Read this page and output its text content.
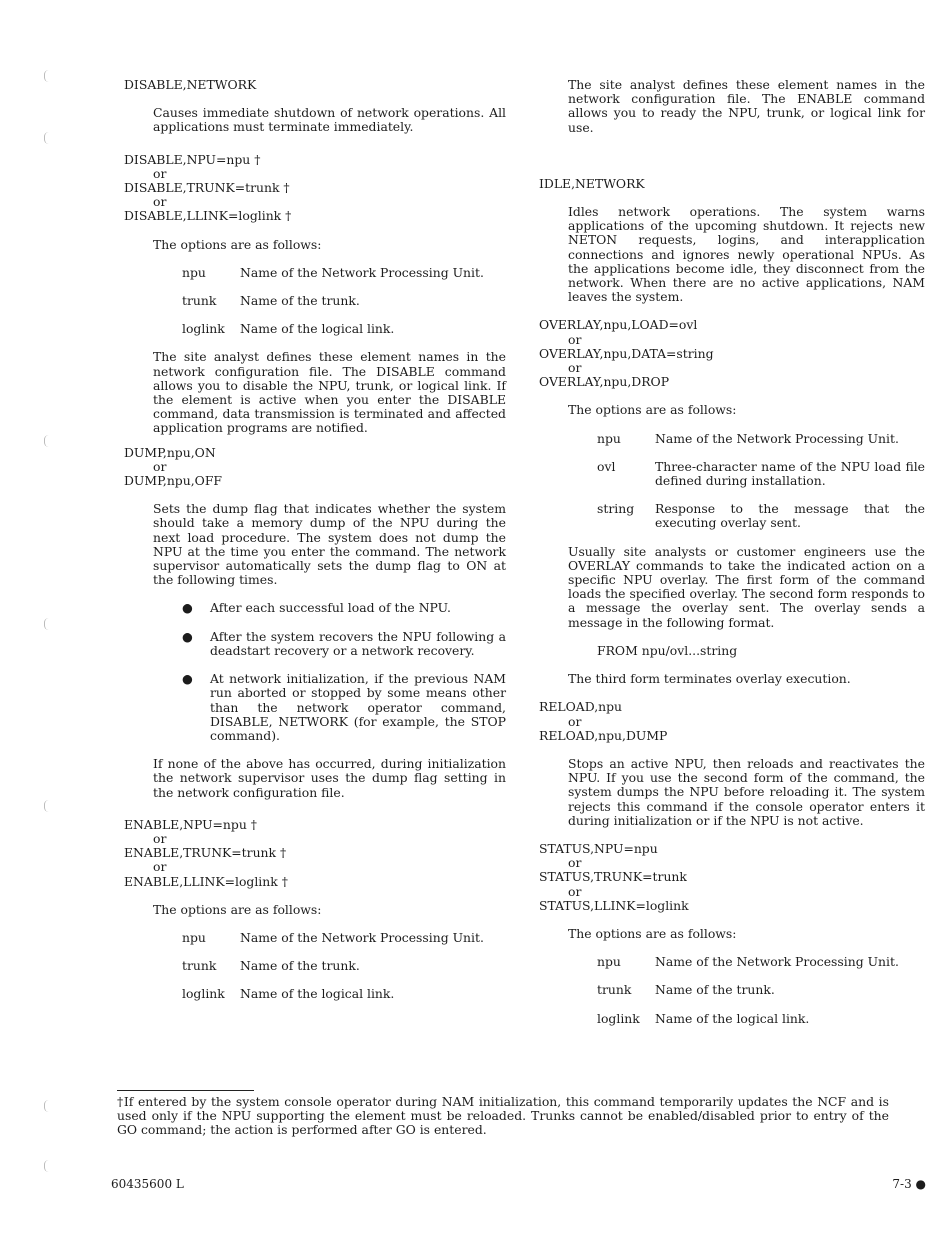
DISABLE,NETWORK
Causes immediate shutdown of network operations. All applications must terminate immediately.
DISABLE,NPU=npu †
or
DISABLE,TRUNK=trunk †
or
DISABLE,LLINK=loglink †
The options are as follows:
npu	Name of the Network Processing Unit.
trunk	Name of the trunk.
loglink	Name of the logical link.
The site analyst defines these element names in the network configuration file. The DISABLE command allows you to disable the NPU, trunk, or logical link. If the element is active when you enter the DISABLE command, data transmission is terminated and affected application programs are notified.
DUMP,npu,ON
or
DUMP,npu,OFF
Sets the dump flag that indicates whether the system should take a memory dump of the NPU during the next load procedure. The system does not dump the NPU at the time you enter the command. The network supervisor automatically sets the dump flag to ON at the following times.
●	After each successful load of the NPU.
●	After the system recovers the NPU following a deadstart recovery or a network recovery.
●	At network initialization, if the previous NAM run aborted or stopped by some means other than the network operator command, DISABLE, NETWORK (for example, the STOP command).
If none of the above has occurred, during initialization the network supervisor uses the dump flag setting in the network configuration file.
ENABLE,NPU=npu †
or
ENABLE,TRUNK=trunk †
or
ENABLE,LLINK=loglink †
The options are as follows:
npu	Name of the Network Processing Unit.
trunk	Name of the trunk.
loglink	Name of the logical link.
The site analyst defines these element names in the network configuration file. The ENABLE command allows you to ready the NPU, trunk, or logical link for use.
IDLE,NETWORK
Idles network operations. The system warns applications of the upcoming shutdown. It rejects new NETON requests, logins, and interapplication connections and ignores newly operational NPUs. As the applications become idle, they disconnect from the network. When there are no active applications, NAM leaves the system.
OVERLAY,npu,LOAD=ovl
or
OVERLAY,npu,DATA=string
or
OVERLAY,npu,DROP
The options are as follows:
npu	Name of the Network Processing Unit.
ovl	Three-character name of the NPU load file defined during installation.
string	Response to the message that the executing overlay sent.
Usually site analysts or customer engineers use the OVERLAY commands to take the indicated action on a specific NPU overlay. The first form of the command loads the specified overlay. The second form responds to a message the overlay sent. The overlay sends a message in the following format.
FROM npu/ovl...string
The third form terminates overlay execution.
RELOAD,npu
or
RELOAD,npu,DUMP
Stops an active NPU, then reloads and reactivates the NPU. If you use the second form of the command, the system dumps the NPU before reloading it. The system rejects this command if the console operator enters it during initialization or if the NPU is not active.
STATUS,NPU=npu
or
STATUS,TRUNK=trunk
or
STATUS,LLINK=loglink
The options are as follows:
npu	Name of the Network Processing Unit.
trunk	Name of the trunk.
loglink	Name of the logical link.
†If entered by the system console operator during NAM initialization, this command temporarily updates the NCF and is used only if the NPU supporting the element must be reloaded. Trunks cannot be enabled/disabled prior to entry of the GO command; the action is performed after GO is entered.
60435600 L	7-3 ●
